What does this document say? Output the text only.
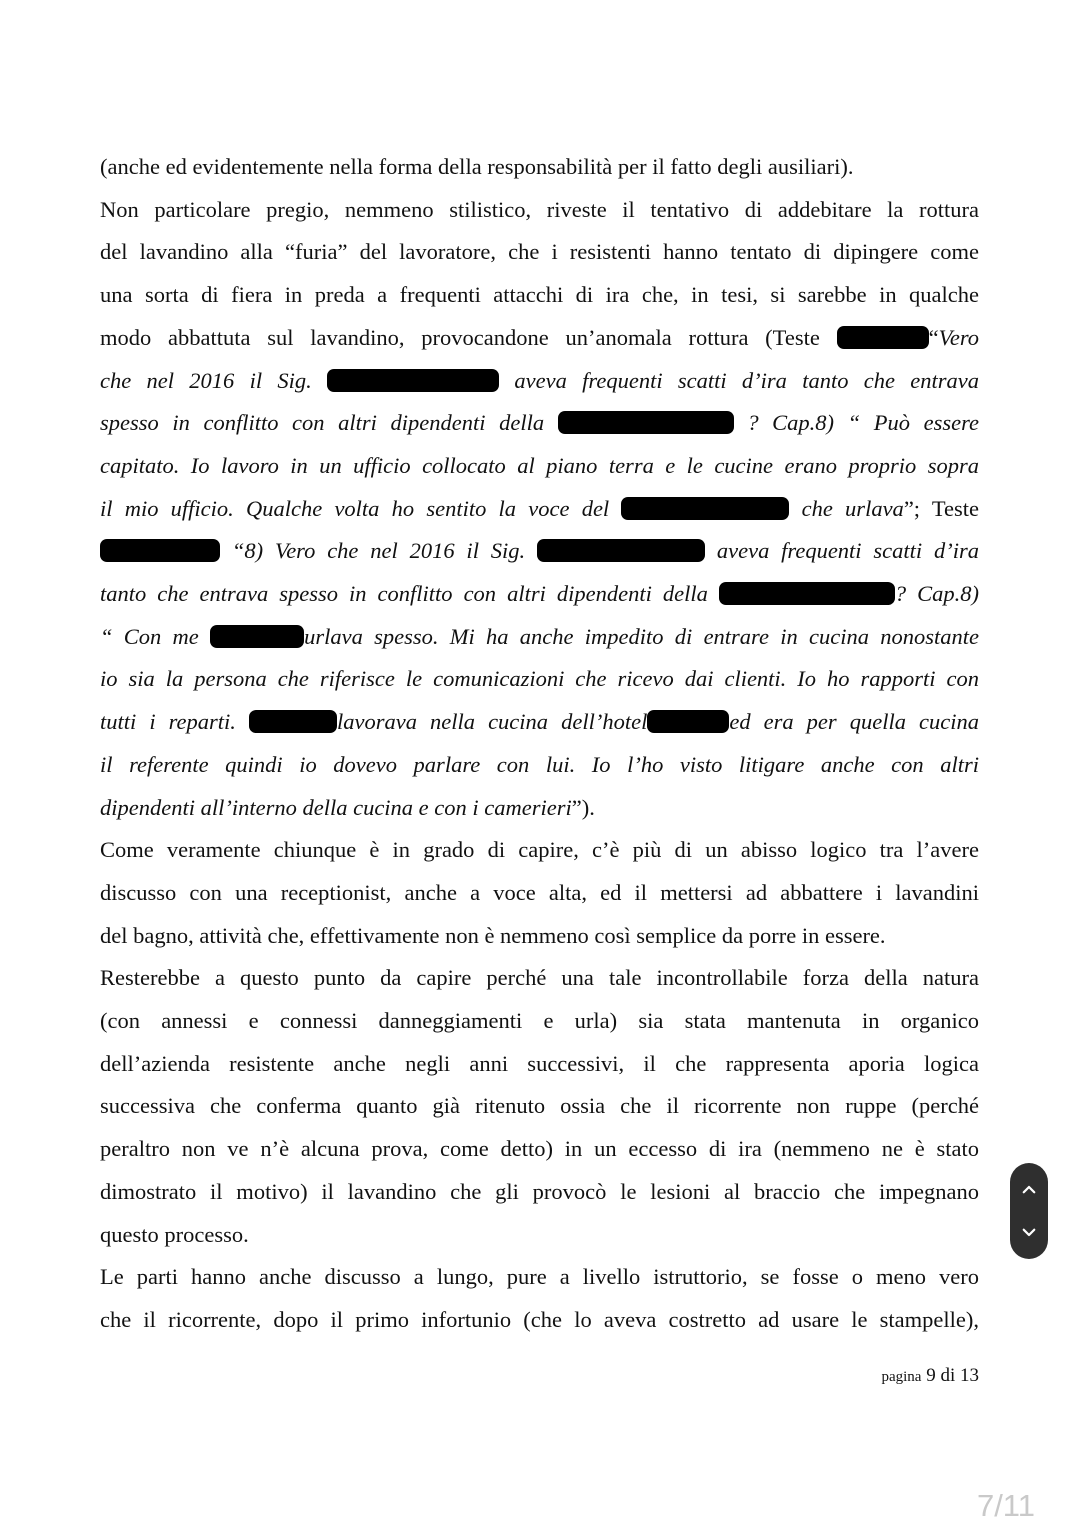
(anche ed evidentemente nella forma della responsabilità per il fatto degli ausiliari).
Non particolare pregio, nemmeno stilistico, riveste il tentativo di addebitare la rottura
del lavandino alla “furia” del lavoratore, che i resistenti hanno tentato di dipingere come
una sorta di fiera in preda a frequenti attacchi di ira che, in tesi, si sarebbe in qualche
modo abbattuta sul lavandino, provocandone un’anomala rottura (Teste	“Vero
che nel 2016 il Sig.	aveva frequenti scatti d’ira tanto che entrava
spesso in conflitto con altri dipendenti della	? Cap.8) “ Può essere
capitato. Io lavoro in un ufficio collocato al piano terra e le cucine erano proprio sopra
il mio ufficio. Qualche volta ho sentito la voce del	che urlava”; Teste
“8) Vero che nel 2016 il Sig.	aveva frequenti scatti d’ira
tanto che entrava spesso in conflitto con altri dipendenti della	? Cap.8)
“ Con me	urlava spesso. Mi ha anche impedito di entrare in cucina nonostante
io sia la persona che riferisce le comunicazioni che ricevo dai clienti. Io ho rapporti con
tutti i reparti.	lavorava nella cucina dell’hotel	ed era per quella cucina
il referente quindi io dovevo parlare con lui. Io l’ho visto litigare anche con altri
dipendenti all’interno della cucina e con i camerieri”).
Come veramente chiunque è in grado di capire, c’è più di un abisso logico tra l’avere
discusso con una receptionist, anche a voce alta, ed il mettersi ad abbattere i lavandini
del bagno, attività che, effettivamente non è nemmeno così semplice da porre in essere.
Resterebbe a questo punto da capire perché una tale incontrollabile forza della natura
(con annessi e connessi danneggiamenti e urla) sia stata mantenuta in organico
dell’azienda resistente anche negli anni successivi, il che rappresenta aporia logica
successiva che conferma quanto già ritenuto ossia che il ricorrente non ruppe (perché
peraltro non ve n’è alcuna prova, come detto) in un eccesso di ira (nemmeno ne è stato
dimostrato il motivo) il lavandino che gli provocò le lesioni al braccio che impegnano
questo processo.
Le parti hanno anche discusso a lungo, pure a livello istruttorio, se fosse o meno vero
che il ricorrente, dopo il primo infortunio (che lo aveva costretto ad usare le stampelle),
pagina 9 di 13
7/11
